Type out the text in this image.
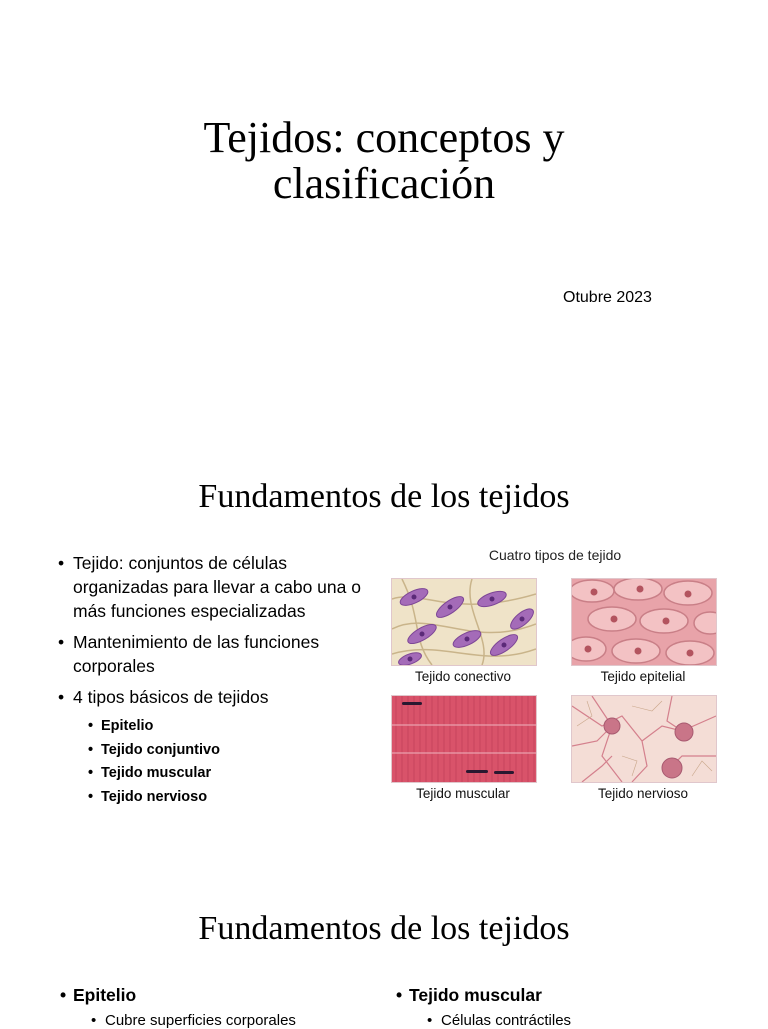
Tejidos: conceptos y
clasificación
Otubre 2023
Fundamentos de los tejidos
• Tejido: conjuntos de células organizadas para llevar a cabo una o más funciones especializadas
• Mantenimiento de las funciones corporales
• 4 tipos básicos de tejidos
• Epitelio
• Tejido conjuntivo
• Tejido muscular
• Tejido nervioso
Cuatro tipos de tejido
Tejido conectivo	Tejido epitelial
Tejido muscular	Tejido nervioso
Fundamentos de los tejidos
• Epitelio
• Cubre superficies corporales
• Tejido muscular
• Células contráctiles
